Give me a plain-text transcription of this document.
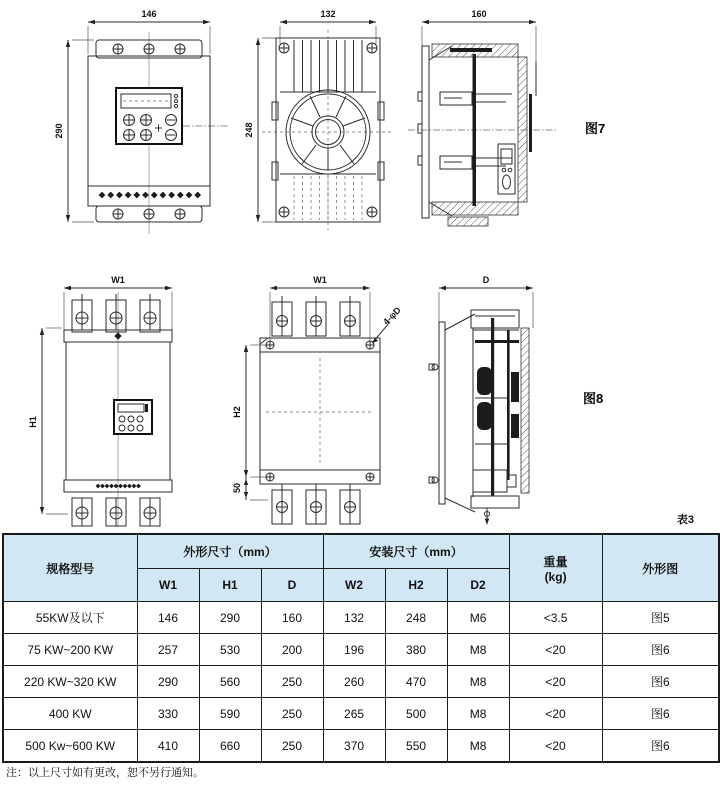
146
290
132
248
160
图7
W1
H1
W1
H2
50
4-φD
D
图8
表3
规格型号	外形尺寸（mm）			安装尺寸（mm）			重量
(kg)	外形图
	W1	H1	D	W2	H2	D2		
55KW及以下	146	290	160	132	248	M6	<3.5	图5
75 KW~200 KW	257	530	200	196	380	M8	<20	图6
220 KW~320 KW	290	560	250	260	470	M8	<20	图6
400 KW	330	590	250	265	500	M8	<20	图6
500 Kw~600 KW	410	660	250	370	550	M8	<20	图6
注：以上尺寸如有更改，恕不另行通知。
